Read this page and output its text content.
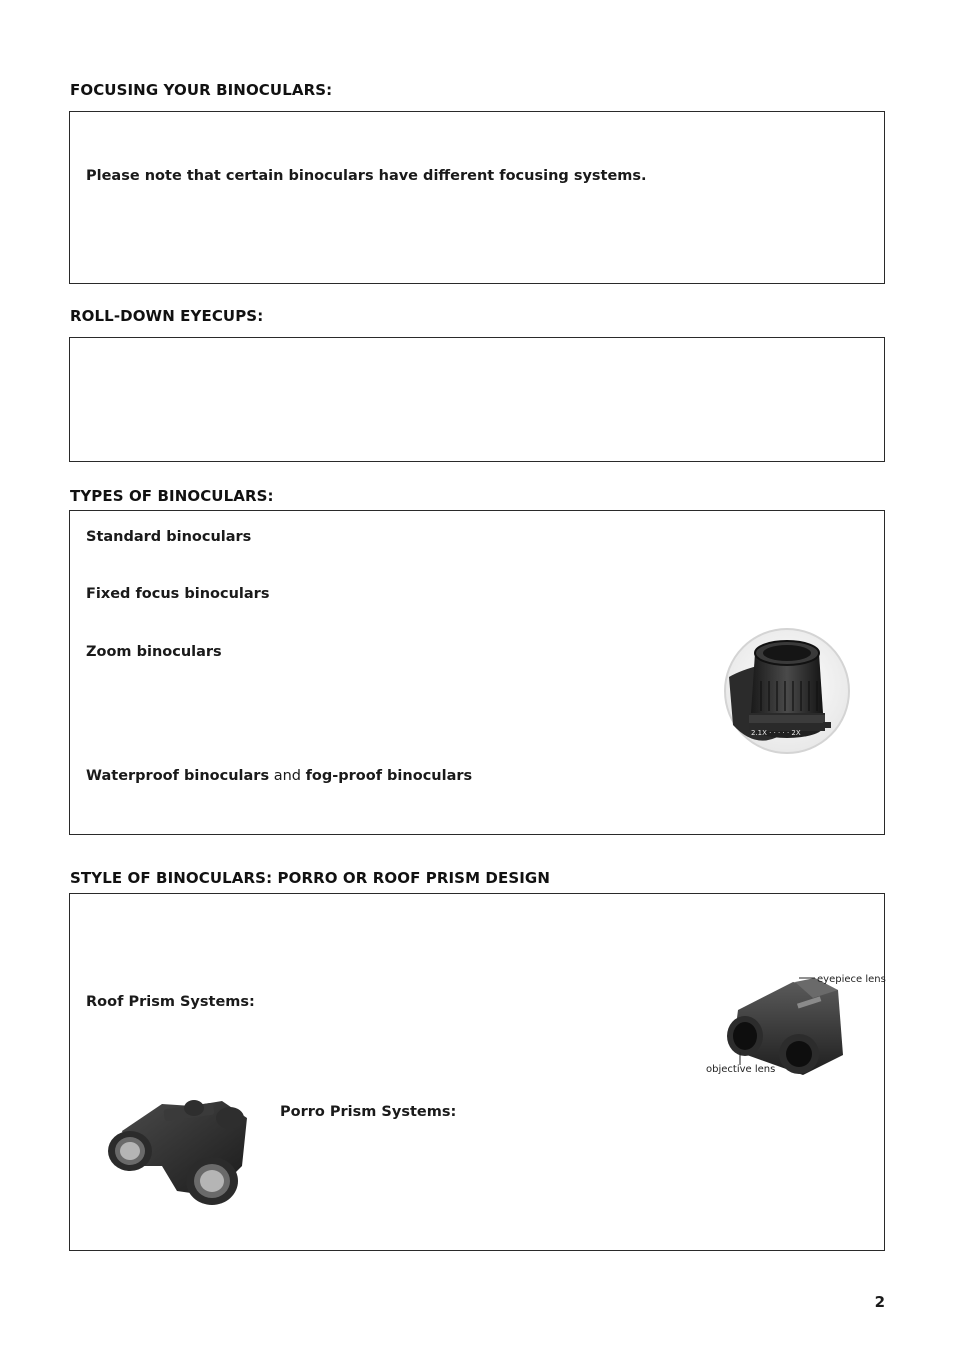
FOCUSING YOUR BINOCULARS:
Please note that certain binoculars have different focusing systems.
ROLL-DOWN EYECUPS:
TYPES OF BINOCULARS:
Standard binoculars
Fixed focus binoculars
Zoom binoculars
Waterproof binoculars and fog-proof binoculars
2.1X · · · · · 2X
STYLE OF BINOCULARS: PORRO OR ROOF PRISM DESIGN
Roof Prism Systems:
Porro Prism Systems:
eyepiece lens
objective lens
2
